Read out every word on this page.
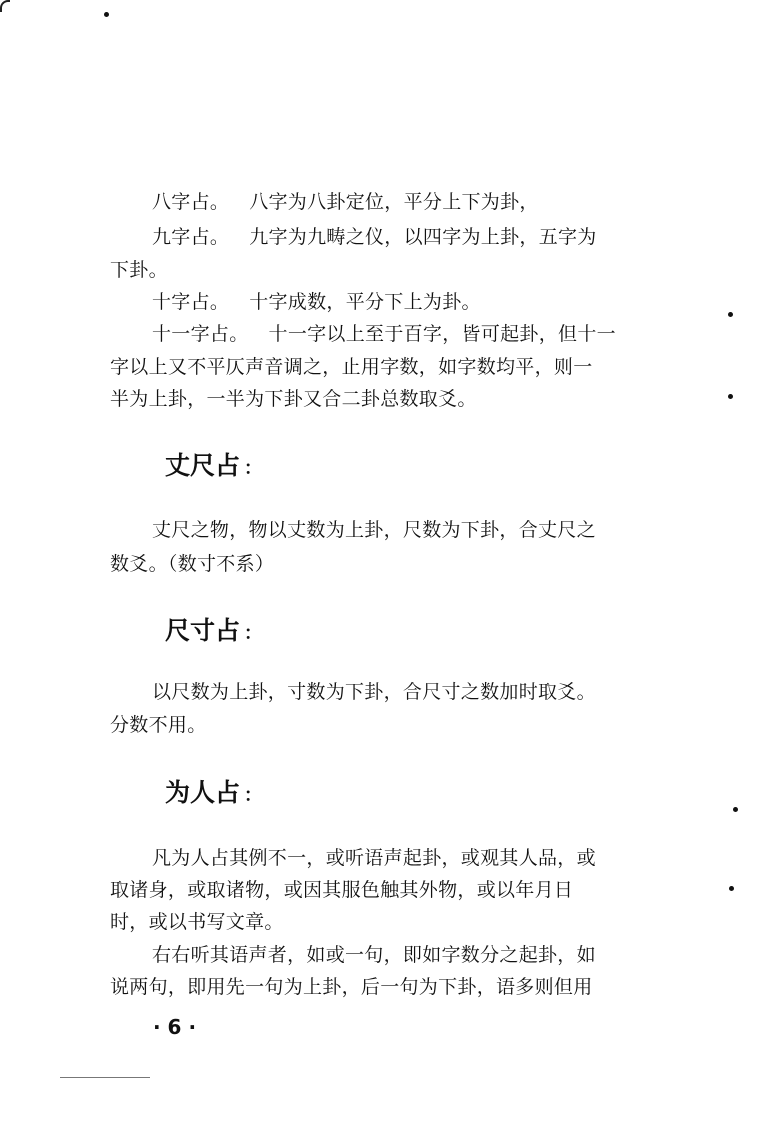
八字占。 八字为八卦定位，平分上下为卦，
九字占。 九字为九畴之仪，以四字为上卦，五字为
下卦。
十字占。 十字成数，平分下上为卦。
十一字占。 十一字以上至于百字，皆可起卦，但十一
字以上又不平仄声音调之，止用字数，如字数均平，则一
半为上卦，一半为下卦又合二卦总数取爻。
丈尺占 ：
丈尺之物，物以丈数为上卦，尺数为下卦，合丈尺之
数爻。（数寸不系）
尺寸占 ：
以尺数为上卦，寸数为下卦，合尺寸之数加时取爻。
分数不用。
为人占 ：
凡为人占其例不一，或听语声起卦，或观其人品，或
取诸身，或取诸物，或因其服色触其外物，或以年月日
时，或以书写文章。
右右听其语声者，如或一句，即如字数分之起卦，如
说两句，即用先一句为上卦，后一句为下卦，语多则但用
· 6 ·
